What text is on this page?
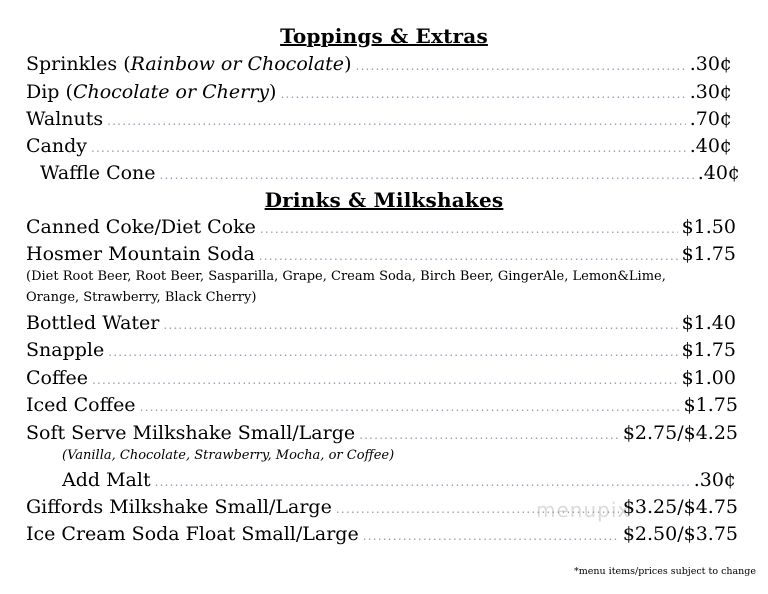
Toppings & Extras
Sprinkles (Rainbow or Chocolate) .....	.30¢
Dip (Chocolate or Cherry) .....	.30¢
Walnuts .....	.70¢
Candy .....	.40¢
Waffle Cone .....	.40¢
Drinks & Milkshakes
Canned Coke/Diet Coke .....	$1.50
Hosmer Mountain Soda .....	$1.75
(Diet Root Beer, Root Beer, Sasparilla, Grape, Cream Soda, Birch Beer, GingerAle, Lemon&Lime,
Orange, Strawberry, Black Cherry)
Bottled Water .....	$1.40
Snapple .....	$1.75
Coffee .....	$1.00
Iced Coffee .....	$1.75
Soft Serve Milkshake Small/Large .....	$2.75/$4.25
(Vanilla, Chocolate, Strawberry, Mocha, or Coffee)
Add Malt .....	.30¢
Giffords Milkshake Small/Large .....	$3.25/$4.75
Ice Cream Soda Float Small/Large .....	$2.50/$3.75
*menu items/prices subject to change
menupix
